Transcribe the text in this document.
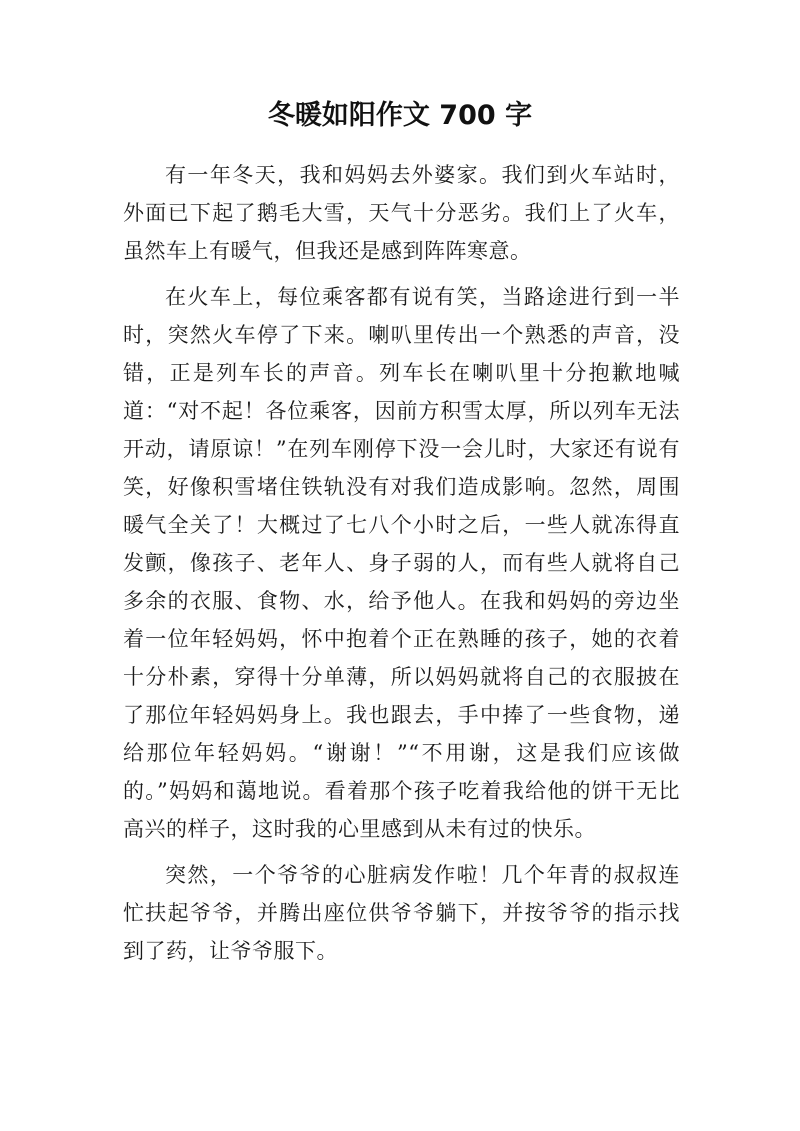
冬暖如阳作文 700 字

有一年冬天，我和妈妈去外婆家。我们到火车站时，外面已下起了鹅毛大雪，天气十分恶劣。我们上了火车，虽然车上有暖气，但我还是感到阵阵寒意。

在火车上，每位乘客都有说有笑，当路途进行到一半时，突然火车停了下来。喇叭里传出一个熟悉的声音，没错，正是列车长的声音。列车长在喇叭里十分抱歉地喊道：“对不起！各位乘客，因前方积雪太厚，所以列车无法开动，请原谅！”在列车刚停下没一会儿时，大家还有说有笑，好像积雪堵住铁轨没有对我们造成影响。忽然，周围暖气全关了！大概过了七八个小时之后，一些人就冻得直发颤，像孩子、老年人、身子弱的人，而有些人就将自己多余的衣服、食物、水，给予他人。在我和妈妈的旁边坐着一位年轻妈妈，怀中抱着个正在熟睡的孩子，她的衣着十分朴素，穿得十分单薄，所以妈妈就将自己的衣服披在了那位年轻妈妈身上。我也跟去，手中捧了一些食物，递给那位年轻妈妈。“谢谢！”“不用谢，这是我们应该做的。”妈妈和蔼地说。看着那个孩子吃着我给他的饼干无比高兴的样子，这时我的心里感到从未有过的快乐。

突然，一个爷爷的心脏病发作啦！几个年青的叔叔连忙扶起爷爷，并腾出座位供爷爷躺下，并按爷爷的指示找到了药，让爷爷服下。
